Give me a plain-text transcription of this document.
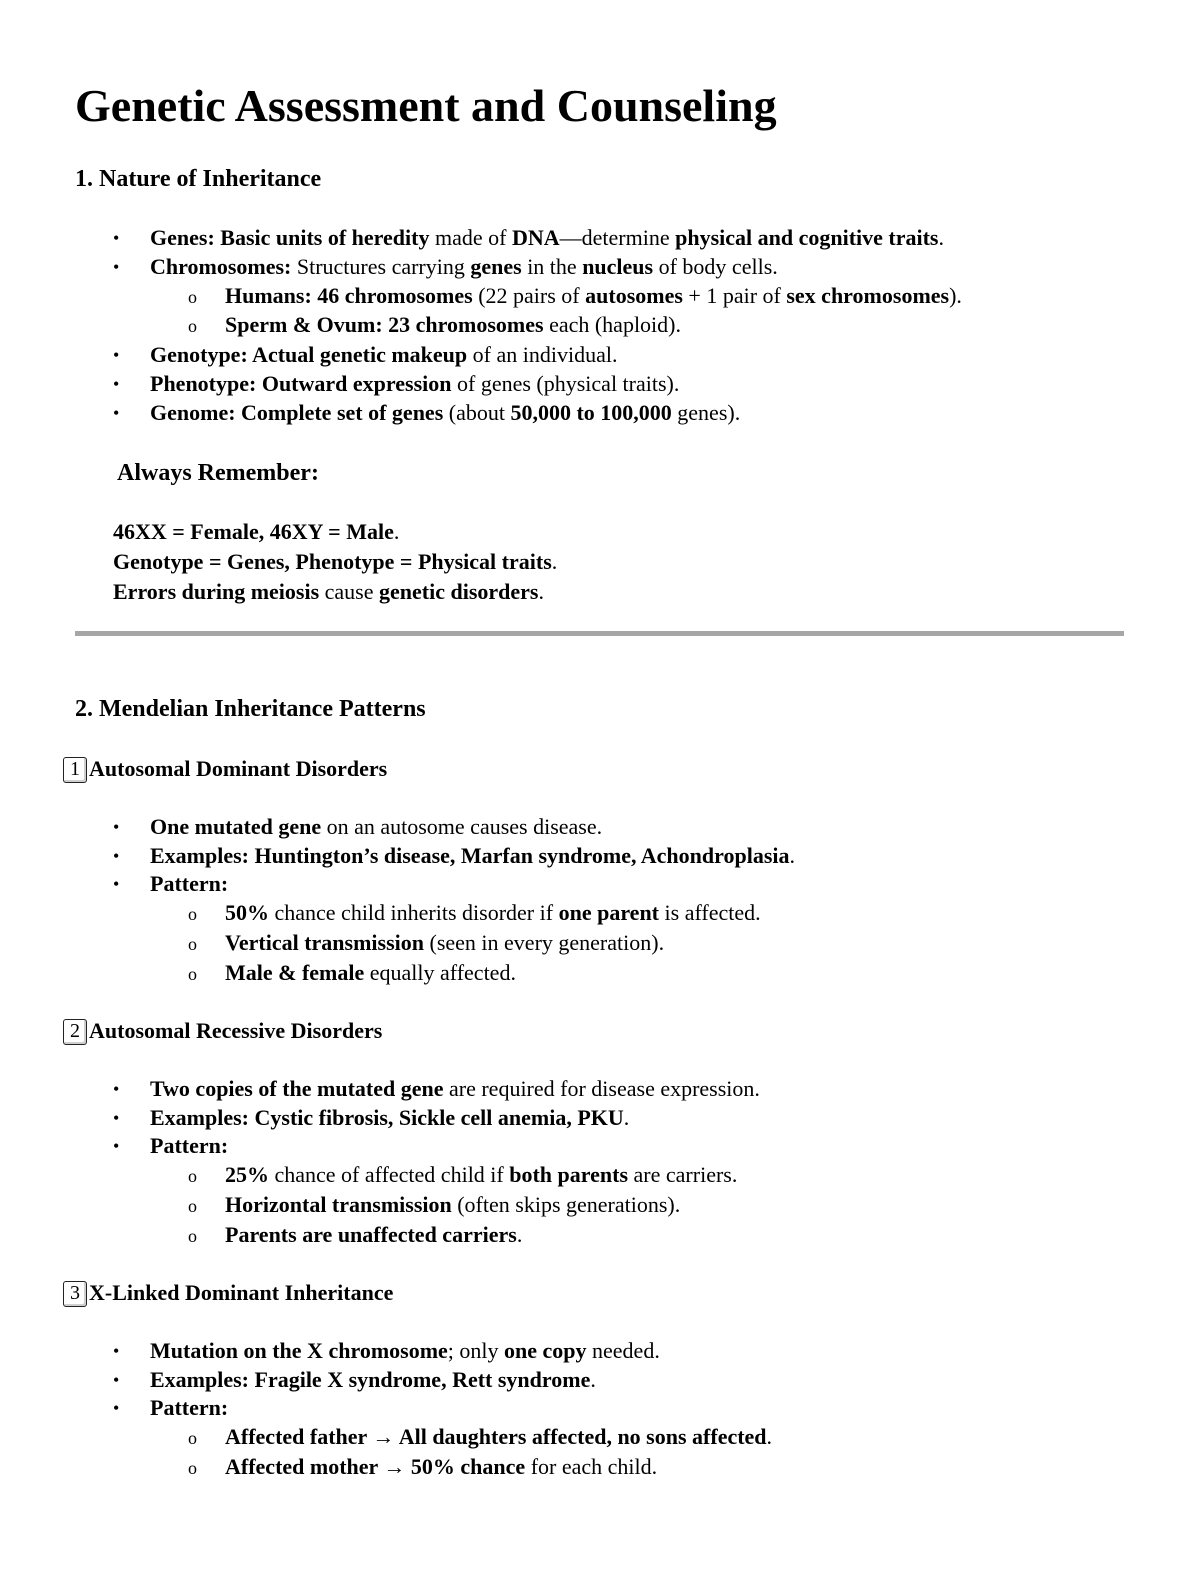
Genetic Assessment and Counseling
1. Nature of Inheritance
• Genes: Basic units of heredity made of DNA—determine physical and cognitive traits.
• Chromosomes: Structures carrying genes in the nucleus of body cells.
o Humans: 46 chromosomes (22 pairs of autosomes + 1 pair of sex chromosomes).
o Sperm & Ovum: 23 chromosomes each (haploid).
• Genotype: Actual genetic makeup of an individual.
• Phenotype: Outward expression of genes (physical traits).
• Genome: Complete set of genes (about 50,000 to 100,000 genes).
Always Remember:
46XX = Female, 46XY = Male.
Genotype = Genes, Phenotype = Physical traits.
Errors during meiosis cause genetic disorders.
2. Mendelian Inheritance Patterns
1 Autosomal Dominant Disorders
• One mutated gene on an autosome causes disease.
• Examples: Huntington’s disease, Marfan syndrome, Achondroplasia.
• Pattern:
o 50% chance child inherits disorder if one parent is affected.
o Vertical transmission (seen in every generation).
o Male & female equally affected.
2 Autosomal Recessive Disorders
• Two copies of the mutated gene are required for disease expression.
• Examples: Cystic fibrosis, Sickle cell anemia, PKU.
• Pattern:
o 25% chance of affected child if both parents are carriers.
o Horizontal transmission (often skips generations).
o Parents are unaffected carriers.
3 X-Linked Dominant Inheritance
• Mutation on the X chromosome; only one copy needed.
• Examples: Fragile X syndrome, Rett syndrome.
• Pattern:
o Affected father → All daughters affected, no sons affected.
o Affected mother → 50% chance for each child.
